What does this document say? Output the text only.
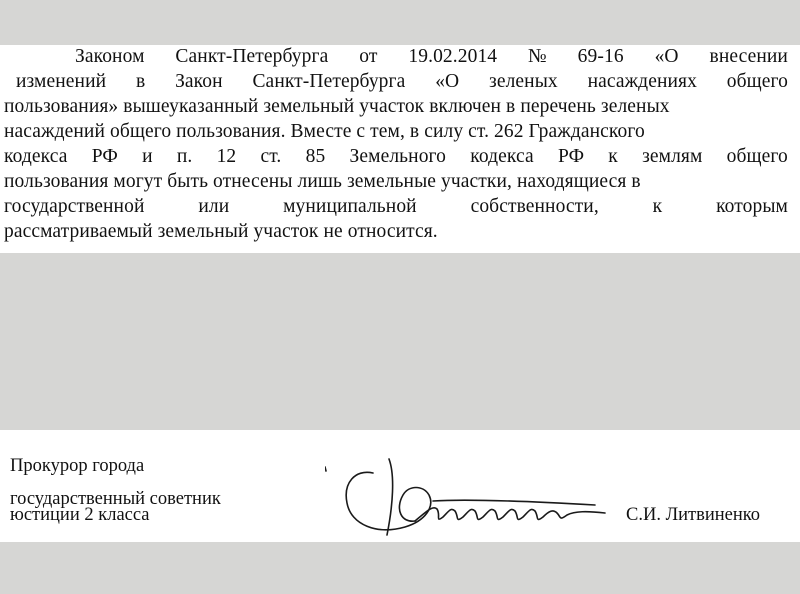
Законом Санкт-Петербурга от 19.02.2014 № 69-16 «О внесении
изменений в Закон Санкт-Петербурга «О зеленых насаждениях общего
пользования» вышеуказанный земельный участок включен в перечень зеленых
насаждений общего пользования. Вместе с тем, в силу ст. 262 Гражданского
кодекса РФ и п. 12 ст. 85 Земельного кодекса РФ к землям общего
пользования могут быть отнесены лишь земельные участки, находящиеся в
государственной	или	муниципальной	собственности,	к	которым
рассматриваемый земельный участок не относится.
Прокурор города
государственный советник
юстиции 2 класса	С.И. Литвиненко
